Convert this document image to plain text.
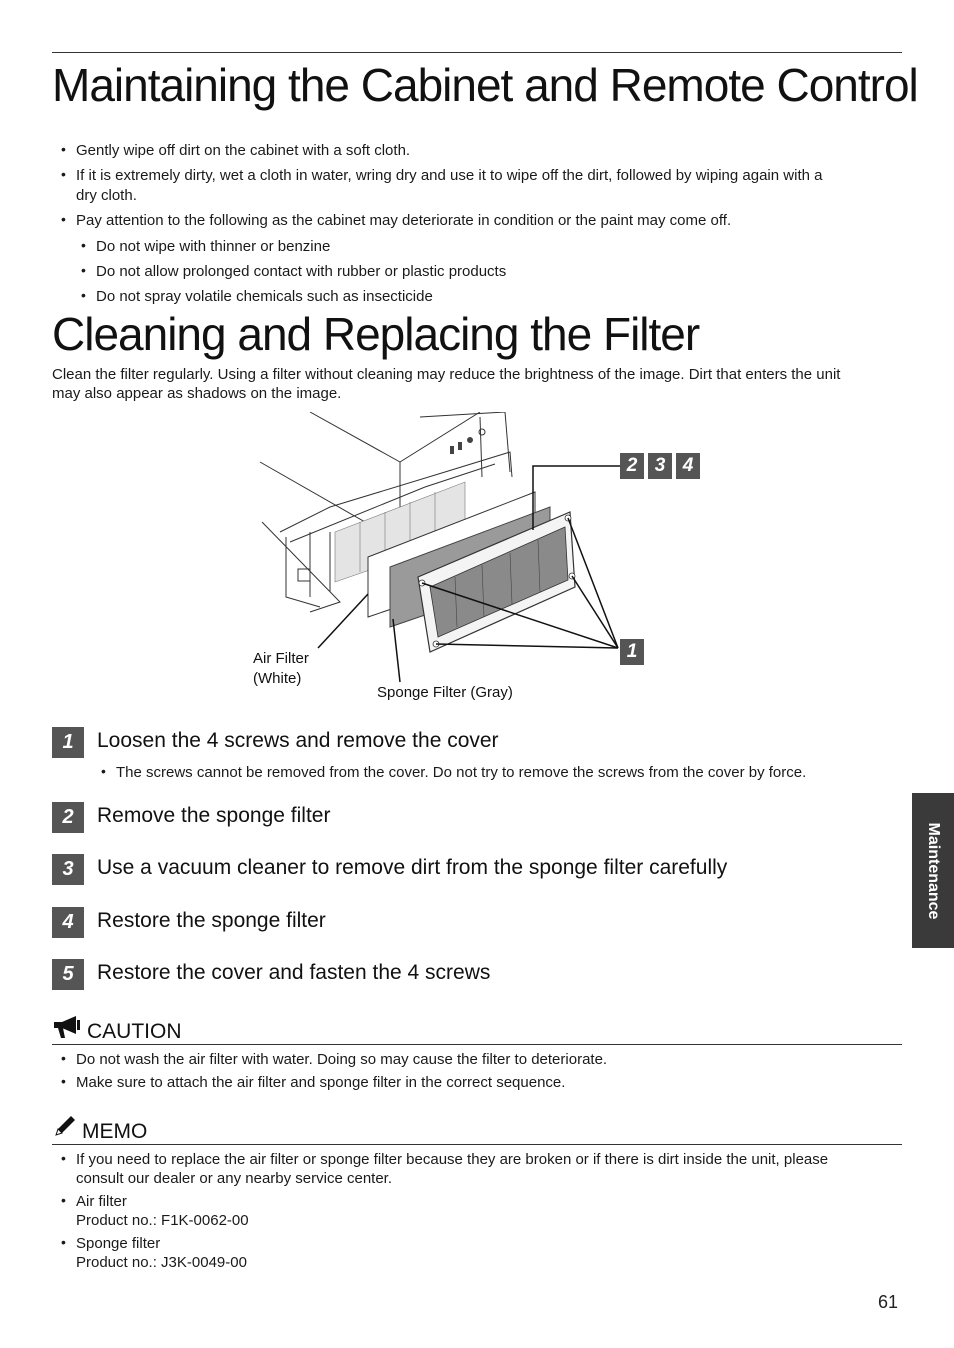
Maintaining the Cabinet and Remote Control
• Gently wipe off dirt on the cabinet with a soft cloth.
• If it is extremely dirty, wet a cloth in water, wring dry and use it to wipe off the dirt, followed by wiping again with a
dry cloth.
• Pay attention to the following as the cabinet may deteriorate in condition or the paint may come off.
• Do not wipe with thinner or benzine
• Do not allow prolonged contact with rubber or plastic products
• Do not spray volatile chemicals such as insecticide
Cleaning and Replacing the Filter
Clean the filter regularly. Using a filter without cleaning may reduce the brightness of the image. Dirt that enters the unit
may also appear as shadows on the image.
2 3 4
1
Air Filter
(White)
Sponge Filter (Gray)
1	Loosen the 4 screws and remove the cover
• The screws cannot be removed from the cover. Do not try to remove the screws from the cover by force.
2	Remove the sponge filter
3	Use a vacuum cleaner to remove dirt from the sponge filter carefully
4	Restore the sponge filter
5	Restore the cover and fasten the 4 screws
CAUTION
• Do not wash the air filter with water. Doing so may cause the filter to deteriorate.
• Make sure to attach the air filter and sponge filter in the correct sequence.
MEMO
• If you need to replace the air filter or sponge filter because they are broken or if there is dirt inside the unit, please
consult our dealer or any nearby service center.
• Air filter
Product no.: F1K-0062-00
• Sponge filter
Product no.: J3K-0049-00
Maintenance
61
